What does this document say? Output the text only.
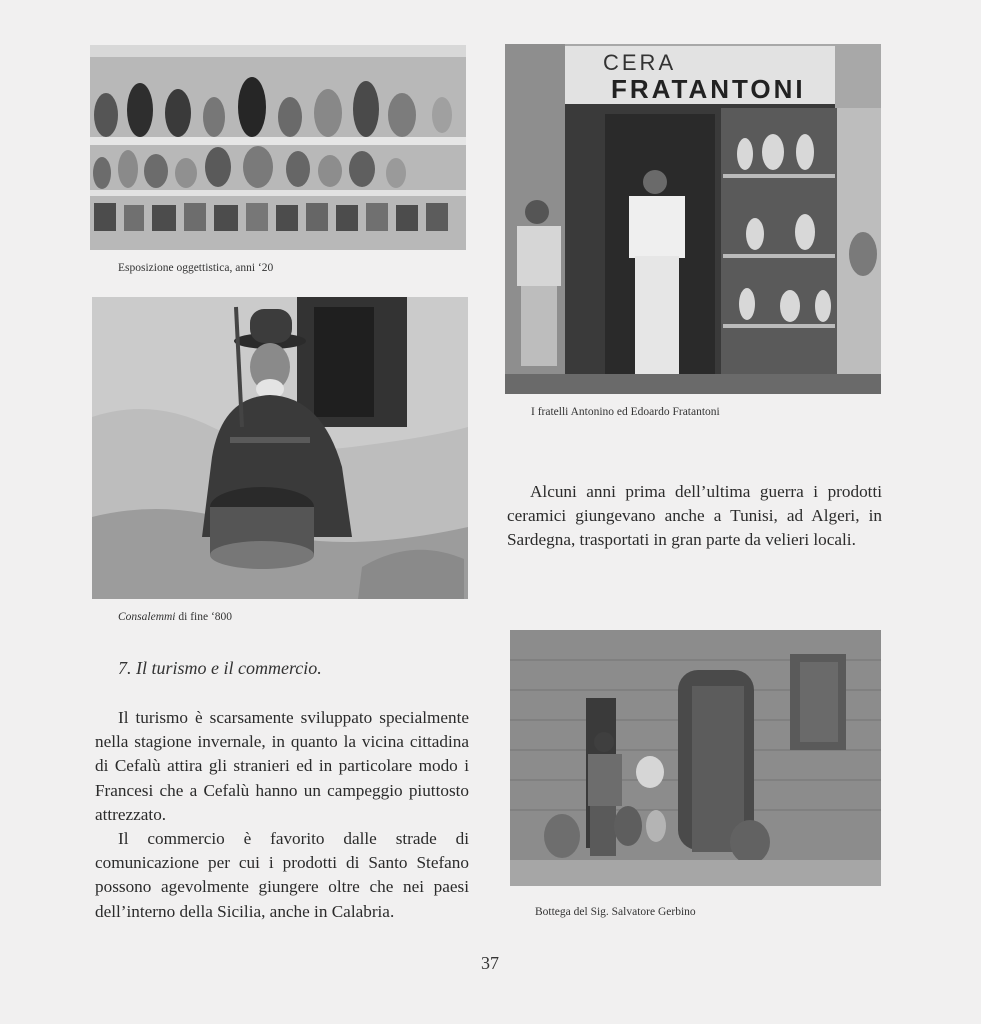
Esposizione oggettistica, anni ‘20
CERA
FRATANTONI
I fratelli Antonino ed Edoardo Fratantoni
Consalemmi di fine ‘800
Bottega del Sig. Salvatore Gerbino

Alcuni anni prima dell’ultima guerra i prodotti ceramici giungevano anche a Tunisi, ad Algeri, in Sardegna, trasportati in gran parte da velieri locali.

7. Il turismo e il commercio.

Il turismo è scarsamente sviluppato specialmente nella stagione invernale, in quanto la vicina cittadina di Cefalù attira gli stranieri ed in particolare modo i Francesi che a Cefalù hanno un campeggio piuttosto attrezzato.

Il commercio è favorito dalle strade di comunicazione per cui i prodotti di Santo Stefano possono agevolmente giungere oltre che nei paesi dell’interno della Sicilia, anche in Calabria.

37
